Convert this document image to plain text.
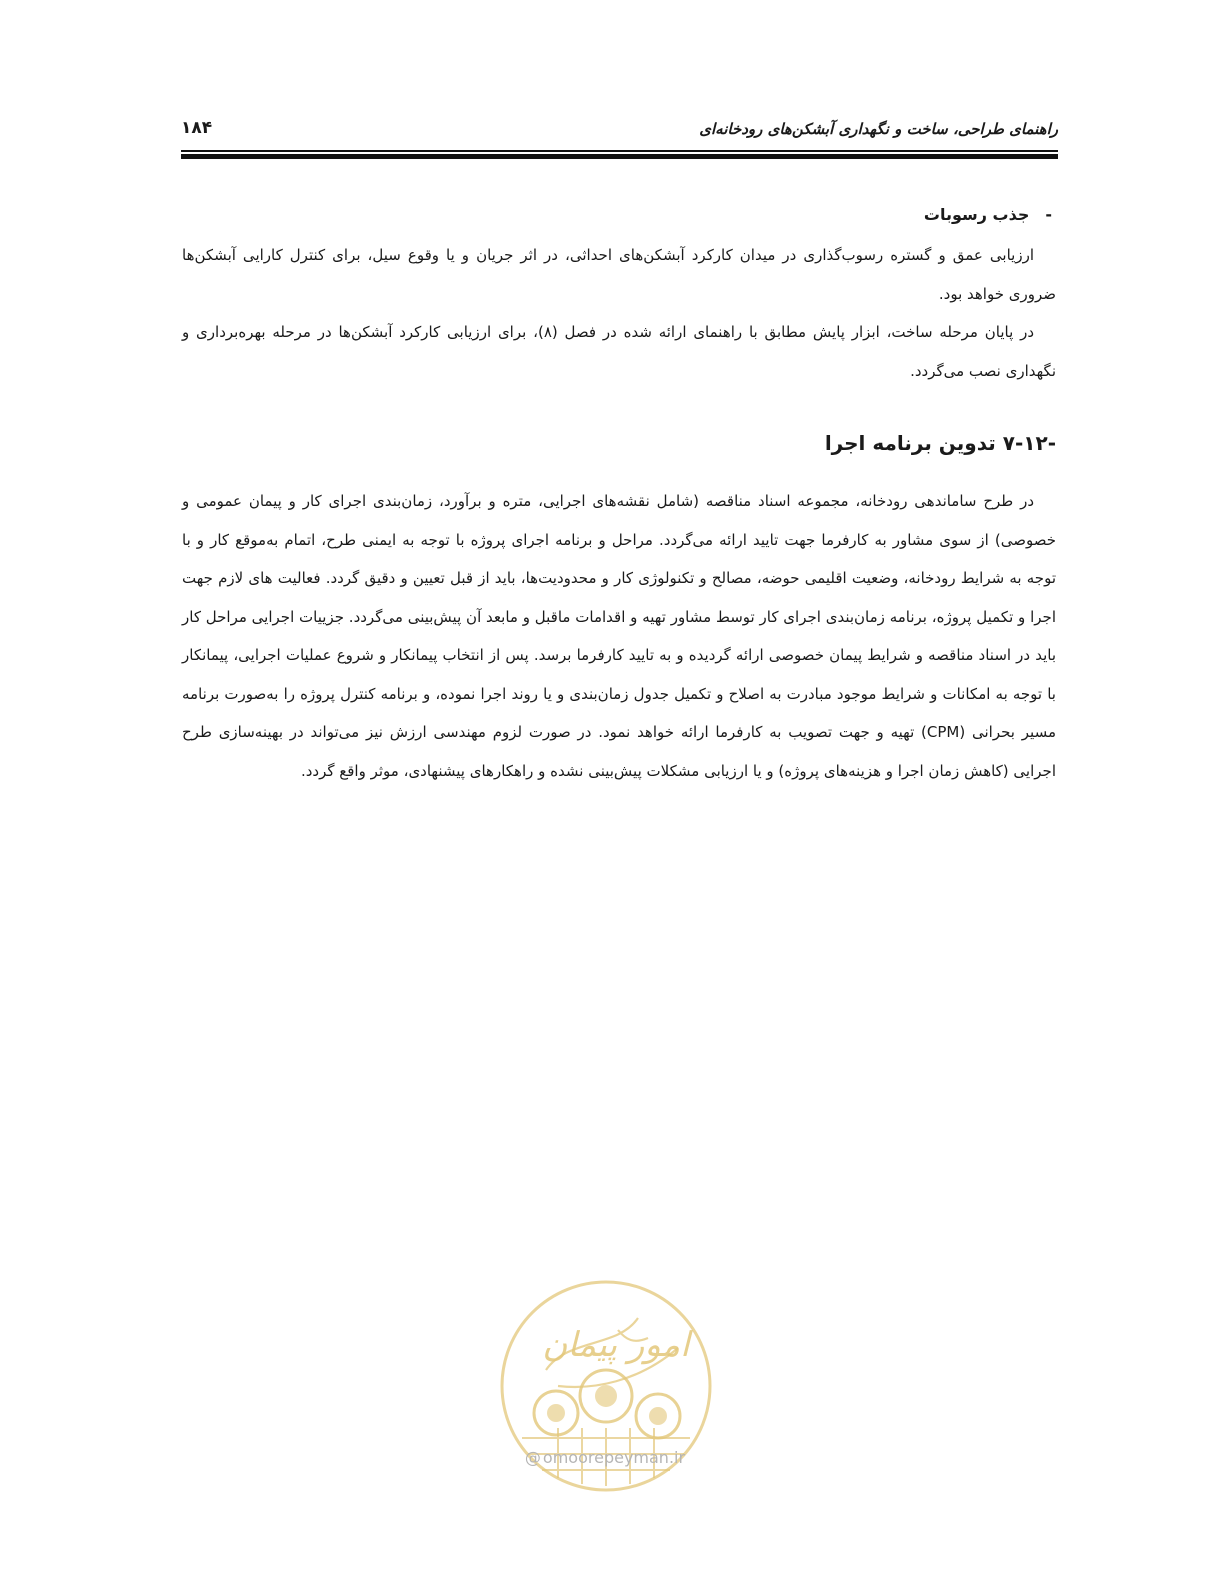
راهنمای طراحی، ساخت و نگهداری آبشکن‌های رودخانه‌ای
۱۸۴

-جذب رسوبات

ارزیابی عمق و گستره رسوب‌گذاری در میدان کارکرد آبشکن‌های احداثی، در اثر جریان و یا وقوع سیل، برای کنترل کارایی آبشکن‌ها ضروری خواهد بود.

در پایان مرحله ساخت، ابزار پایش مطابق با راهنمای ارائه شده در فصل (۸)، برای ارزیابی کارکرد آبشکن‌ها در مرحله بهره‌برداری و نگهداری نصب می‌گردد.

۷-۱۲- تدوین برنامه اجرا

در طرح ساماندهی رودخانه، مجموعه اسناد مناقصه (شامل نقشه‌های اجرایی، متره و برآورد، زمان‌بندی اجرای کار و پیمان عمومی و خصوصی) از سوی مشاور به کارفرما جهت تایید ارائه می‌گردد. مراحل و برنامه اجرای پروژه با توجه به ایمنی طرح، اتمام به‌موقع کار و با توجه به شرایط رودخانه، وضعیت اقلیمی حوضه، مصالح و تکنولوژی کار و محدودیت‌ها، باید از قبل تعیین و دقیق گردد. فعالیت های لازم جهت اجرا و تکمیل پروژه، برنامه زمان‌بندی اجرای کار توسط مشاور تهیه و اقدامات ماقبل و مابعد آن پیش‌بینی می‌گردد. جزییات اجرایی مراحل کار باید در اسناد مناقصه و شرایط پیمان خصوصی ارائه گردیده و به تایید کارفرما برسد. پس از انتخاب پیمانکار و شروع عملیات اجرایی، پیمانکار با توجه به امکانات و شرایط موجود مبادرت به اصلاح و تکمیل جدول زمان‌بندی و یا روند اجرا نموده، و برنامه کنترل پروژه را به‌صورت برنامه مسیر بحرانی (CPM) تهیه و جهت تصویب به کارفرما ارائه خواهد نمود. در صورت لزوم مهندسی ارزش نیز می‌تواند در بهینه‌سازی طرح اجرایی (کاهش زمان اجرا و هزینه‌های پروژه) و یا ارزیابی مشکلات پیش‌بینی نشده و راهکارهای پیشنهادی، موثر واقع گردد.

امور پیمان
@ omoorepeyman.ir
